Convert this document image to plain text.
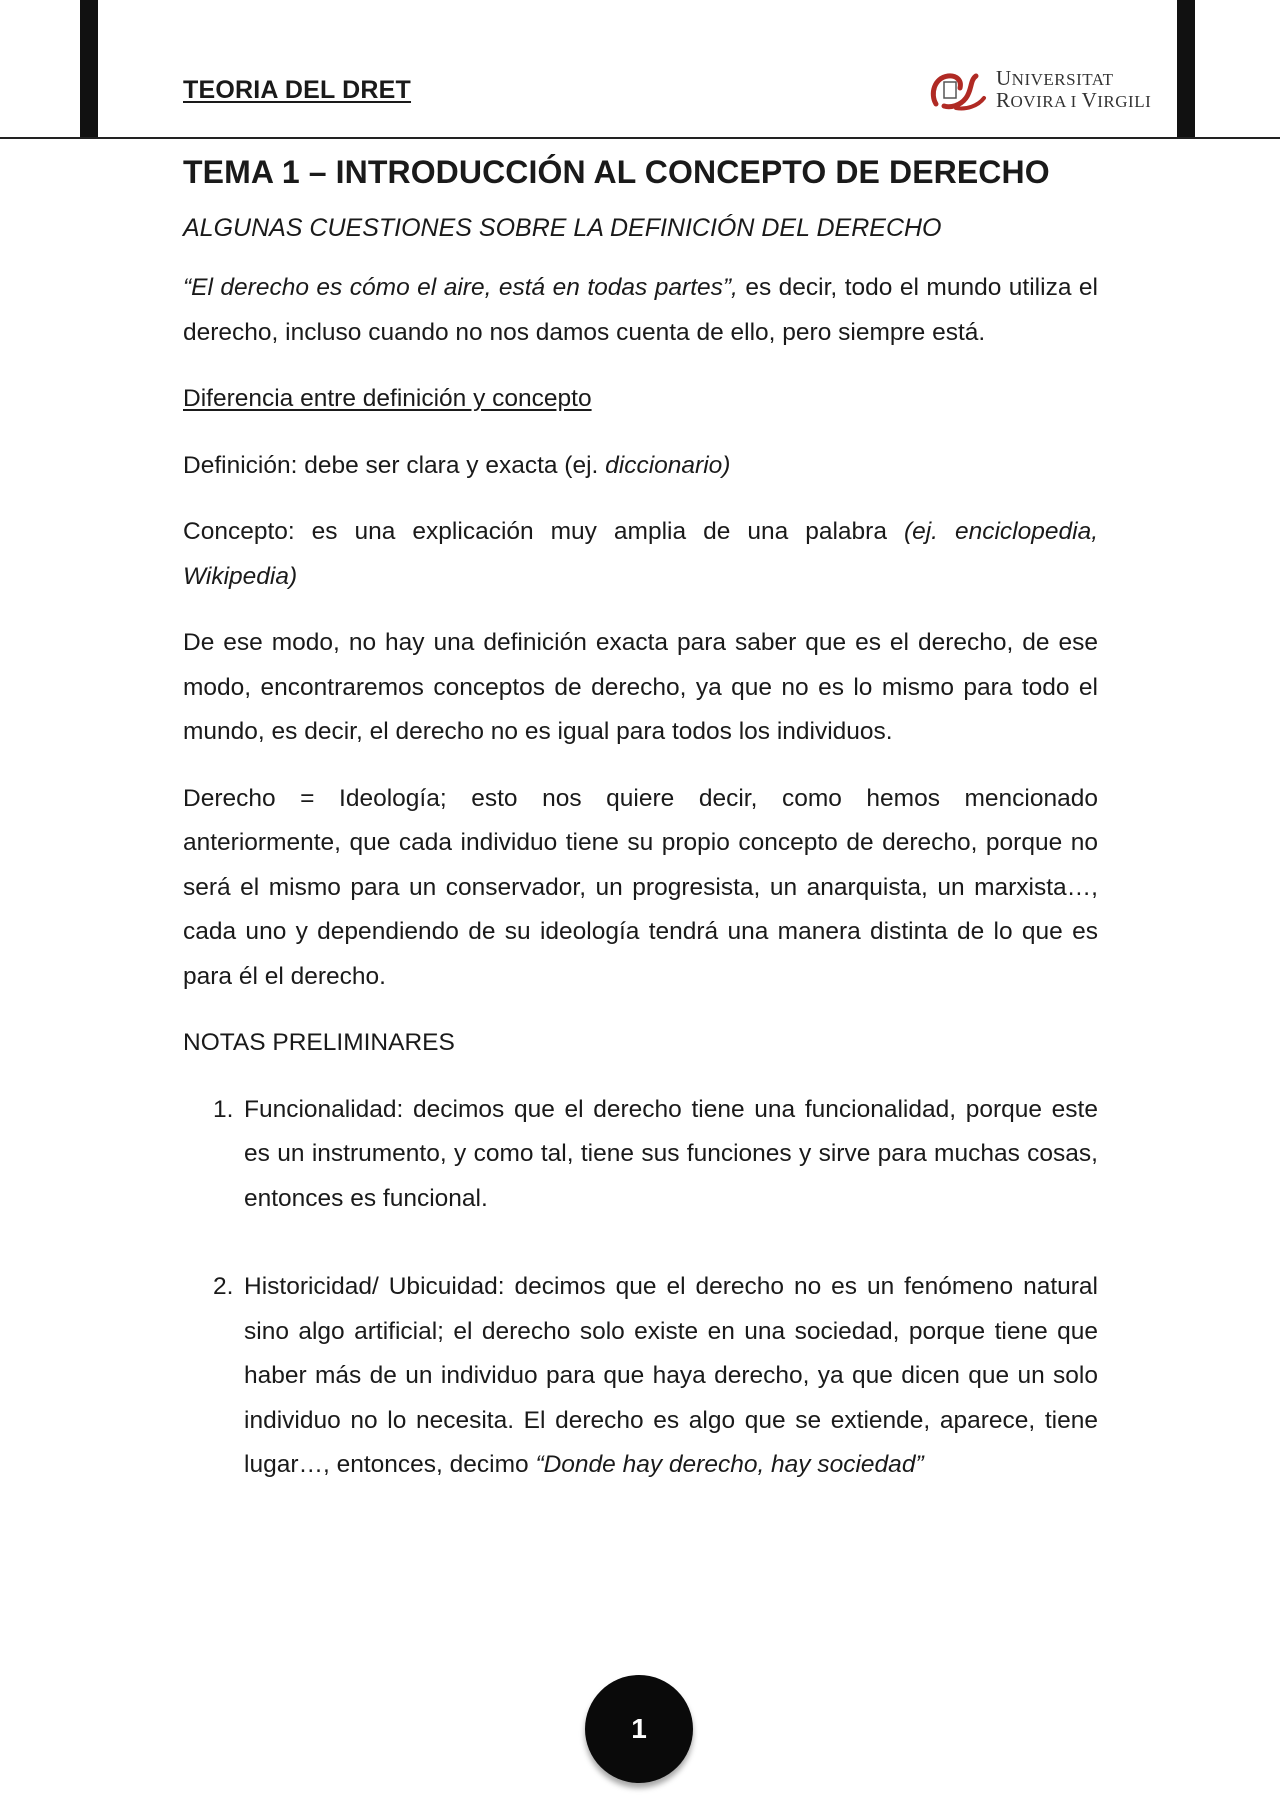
TEORIA DEL DRET	UNIVERSITAT
ROVIRA I VIRGILI
TEMA 1 – INTRODUCCIÓN AL CONCEPTO DE DERECHO
ALGUNAS CUESTIONES SOBRE LA DEFINICIÓN DEL DERECHO

“El derecho es cómo el aire, está en todas partes”, es decir, todo el mundo utiliza el derecho, incluso cuando no nos damos cuenta de ello, pero siempre está.

Diferencia entre definición y concepto

Definición: debe ser clara y exacta (ej. diccionario)

Concepto: es una explicación muy amplia de una palabra (ej. enciclopedia, Wikipedia)

De ese modo, no hay una definición exacta para saber que es el derecho, de ese modo, encontraremos conceptos de derecho, ya que no es lo mismo para todo el mundo, es decir, el derecho no es igual para todos los individuos.

Derecho = Ideología; esto nos quiere decir, como hemos mencionado anteriormente, que cada individuo tiene su propio concepto de derecho, porque no será el mismo para un conservador, un progresista, un anarquista, un marxista…, cada uno y dependiendo de su ideología tendrá una manera distinta de lo que es para él el derecho.

NOTAS PRELIMINARES

1. Funcionalidad: decimos que el derecho tiene una funcionalidad, porque este es un instrumento, y como tal, tiene sus funciones y sirve para muchas cosas, entonces es funcional.
2. Historicidad/ Ubicuidad: decimos que el derecho no es un fenómeno natural sino algo artificial; el derecho solo existe en una sociedad, porque tiene que haber más de un individuo para que haya derecho, ya que dicen que un solo individuo no lo necesita. El derecho es algo que se extiende, aparece, tiene lugar…, entonces, decimo “Donde hay derecho, hay sociedad”
1
